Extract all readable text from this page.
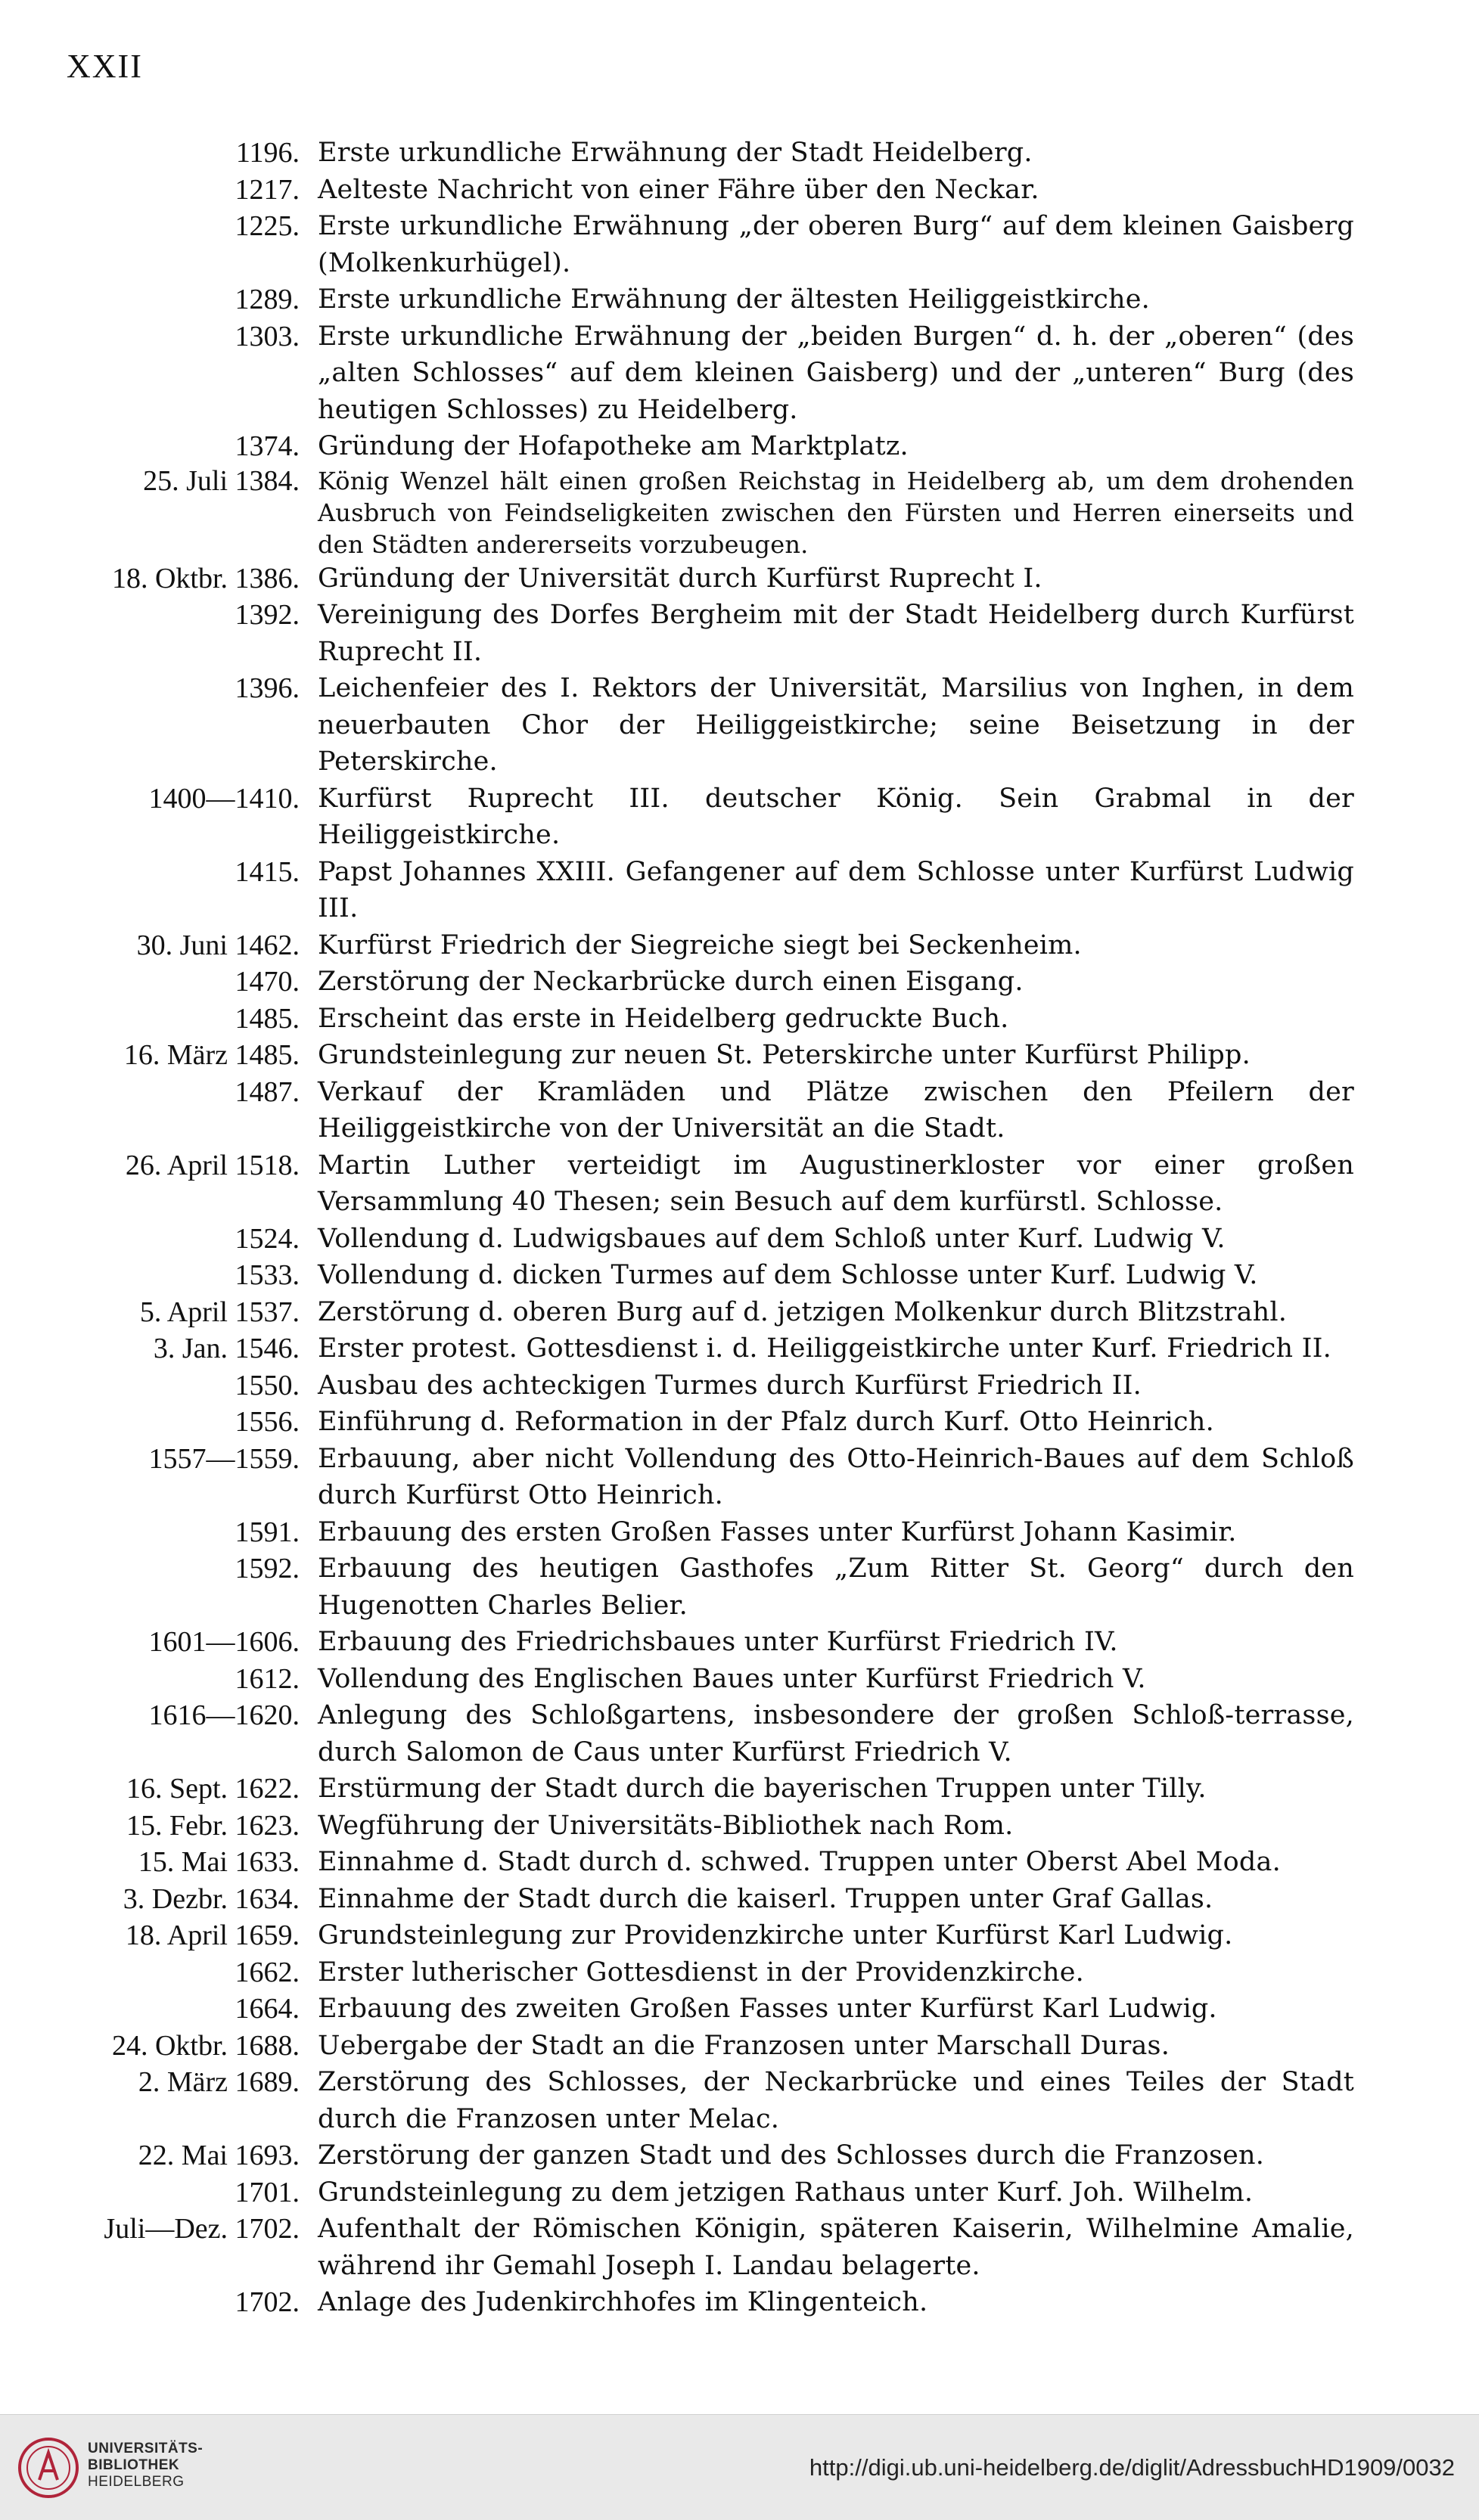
XXII
1196. Erste urkundliche Erwähnung der Stadt Heidelberg.
1217. Aelteste Nachricht von einer Fähre über den Neckar.
1225. Erste urkundliche Erwähnung „der oberen Burg“ auf dem kleinen Gaisberg (Molkenkurhügel).
1289. Erste urkundliche Erwähnung der ältesten Heiliggeistkirche.
1303. Erste urkundliche Erwähnung der „beiden Burgen“ d. h. der „oberen“ (des „alten Schlosses“ auf dem kleinen Gaisberg) und der „unteren“ Burg (des heutigen Schlosses) zu Heidelberg.
1374. Gründung der Hofapotheke am Marktplatz.
25. Juli 1384. König Wenzel hält einen großen Reichstag in Heidelberg ab, um dem drohenden Ausbruch von Feindseligkeiten zwischen den Fürsten und Herren einerseits und den Städten andererseits vorzubeugen.
18. Oktbr. 1386. Gründung der Universität durch Kurfürst Ruprecht I.
1392. Vereinigung des Dorfes Bergheim mit der Stadt Heidelberg durch Kurfürst Ruprecht II.
1396. Leichenfeier des I. Rektors der Universität, Marsilius von Inghen, in dem neuerbauten Chor der Heiliggeistkirche; seine Beisetzung in der Peterskirche.
1400—1410. Kurfürst Ruprecht III. deutscher König. Sein Grabmal in der Heiliggeistkirche.
1415. Papst Johannes XXIII. Gefangener auf dem Schlosse unter Kurfürst Ludwig III.
30. Juni 1462. Kurfürst Friedrich der Siegreiche siegt bei Seckenheim.
1470. Zerstörung der Neckarbrücke durch einen Eisgang.
1485. Erscheint das erste in Heidelberg gedruckte Buch.
16. März 1485. Grundsteinlegung zur neuen St. Peterskirche unter Kurfürst Philipp.
1487. Verkauf der Kramläden und Plätze zwischen den Pfeilern der Heiliggeistkirche von der Universität an die Stadt.
26. April 1518. Martin Luther verteidigt im Augustinerkloster vor einer großen Versammlung 40 Thesen; sein Besuch auf dem kurfürstl. Schlosse.
1524. Vollendung d. Ludwigsbaues auf dem Schloß unter Kurf. Ludwig V.
1533. Vollendung d. dicken Turmes auf dem Schlosse unter Kurf. Ludwig V.
5. April 1537. Zerstörung d. oberen Burg auf d. jetzigen Molkenkur durch Blitzstrahl.
3. Jan. 1546. Erster protest. Gottesdienst i. d. Heiliggeistkirche unter Kurf. Friedrich II.
1550. Ausbau des achteckigen Turmes durch Kurfürst Friedrich II.
1556. Einführung d. Reformation in der Pfalz durch Kurf. Otto Heinrich.
1557—1559. Erbauung, aber nicht Vollendung des Otto-Heinrich-Baues auf dem Schloß durch Kurfürst Otto Heinrich.
1591. Erbauung des ersten Großen Fasses unter Kurfürst Johann Kasimir.
1592. Erbauung des heutigen Gasthofes „Zum Ritter St. Georg“ durch den Hugenotten Charles Belier.
1601—1606. Erbauung des Friedrichsbaues unter Kurfürst Friedrich IV.
1612. Vollendung des Englischen Baues unter Kurfürst Friedrich V.
1616—1620. Anlegung des Schloßgartens, insbesondere der großen Schloß-terrasse, durch Salomon de Caus unter Kurfürst Friedrich V.
16. Sept. 1622. Erstürmung der Stadt durch die bayerischen Truppen unter Tilly.
15. Febr. 1623. Wegführung der Universitäts-Bibliothek nach Rom.
15. Mai 1633. Einnahme d. Stadt durch d. schwed. Truppen unter Oberst Abel Moda.
3. Dezbr. 1634. Einnahme der Stadt durch die kaiserl. Truppen unter Graf Gallas.
18. April 1659. Grundsteinlegung zur Providenzkirche unter Kurfürst Karl Ludwig.
1662. Erster lutherischer Gottesdienst in der Providenzkirche.
1664. Erbauung des zweiten Großen Fasses unter Kurfürst Karl Ludwig.
24. Oktbr. 1688. Uebergabe der Stadt an die Franzosen unter Marschall Duras.
2. März 1689. Zerstörung des Schlosses, der Neckarbrücke und eines Teiles der Stadt durch die Franzosen unter Melac.
22. Mai 1693. Zerstörung der ganzen Stadt und des Schlosses durch die Franzosen.
1701. Grundsteinlegung zu dem jetzigen Rathaus unter Kurf. Joh. Wilhelm.
Juli—Dez. 1702. Aufenthalt der Römischen Königin, späteren Kaiserin, Wilhelmine Amalie, während ihr Gemahl Joseph I. Landau belagerte.
1702. Anlage des Judenkirchhofes im Klingenteich.
UNIVERSITÄTS-
BIBLIOTHEK
HEIDELBERG
http://digi.ub.uni-heidelberg.de/diglit/AdressbuchHD1909/0032
